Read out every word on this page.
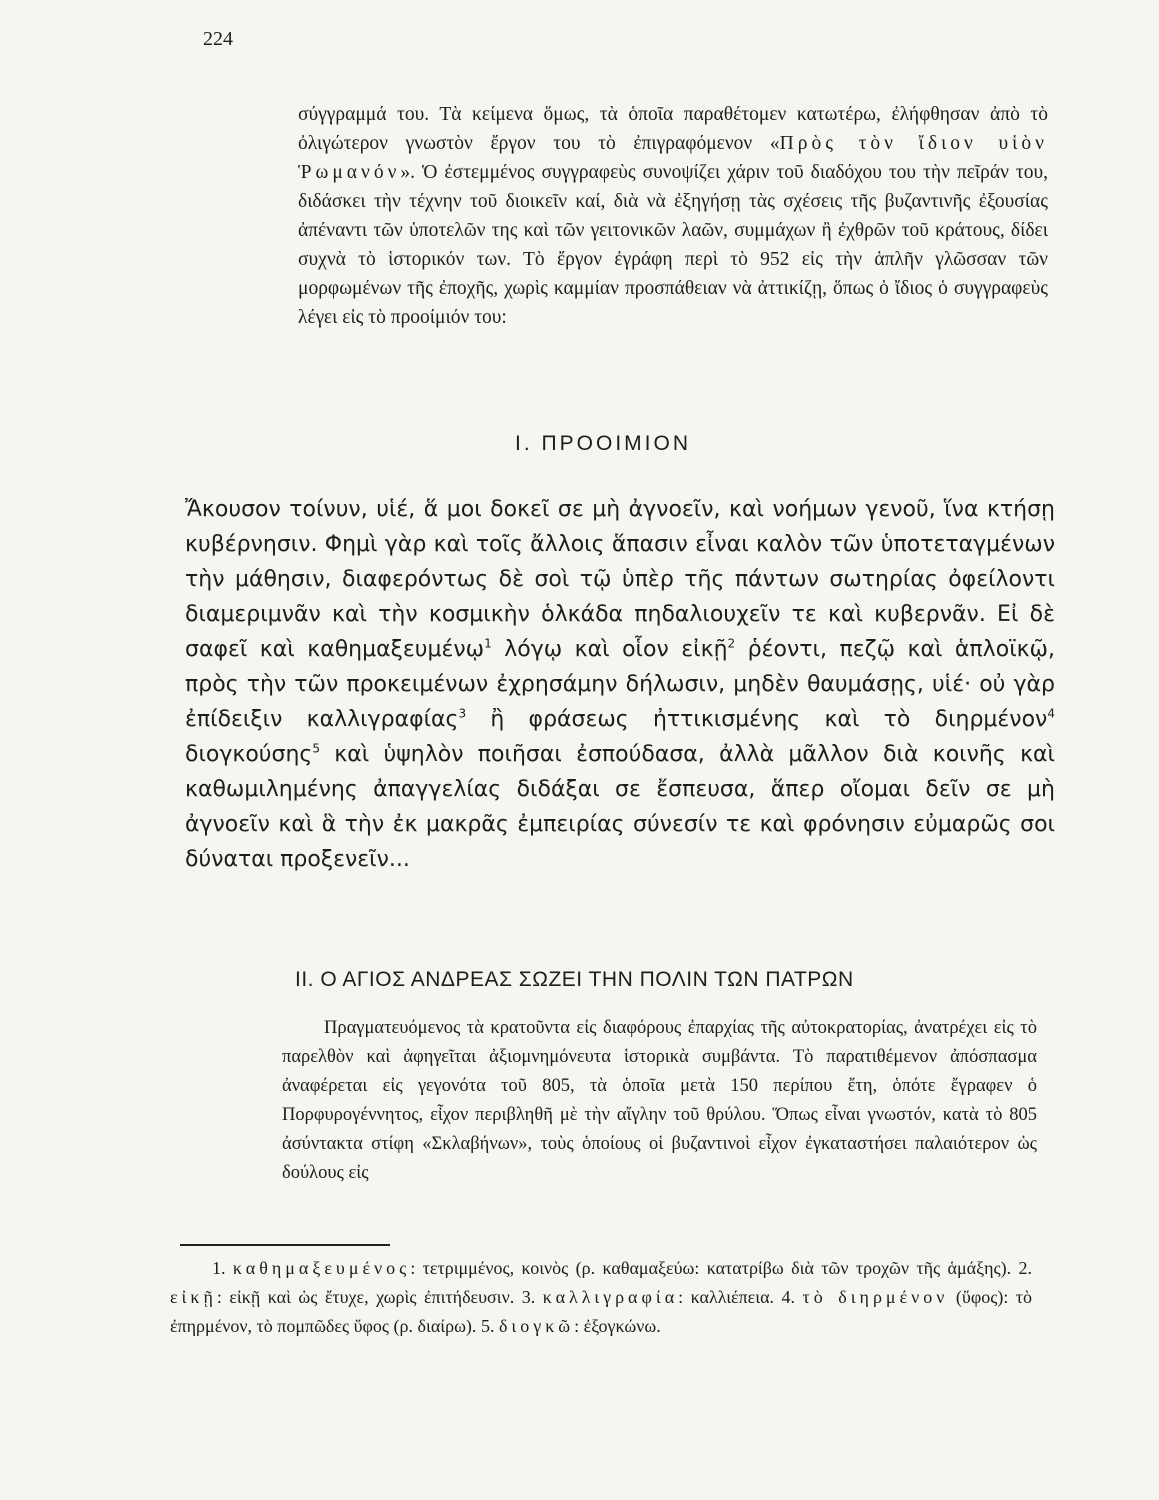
224
σύγγραμμά του. Τὰ κείμενα ὅμως, τὰ ὁποῖα παραθέτομεν κατωτέρω, ἐλήφθησαν ἀπὸ τὸ ὀλιγώτερον γνωστὸν ἔργον του τὸ ἐπιγραφόμενον «Πρὸς τὸν ἴδιον υἱὸν Ῥωμανόν». Ὁ ἐστεμμένος συγγραφεὺς συνοψίζει χάριν τοῦ διαδόχου του τὴν πεῖράν του, διδάσκει τὴν τέχνην τοῦ διοικεῖν καί, διὰ νὰ ἐξηγήσῃ τὰς σχέσεις τῆς βυζαντινῆς ἐξουσίας ἀπέναντι τῶν ὑποτελῶν της καὶ τῶν γειτονικῶν λαῶν, συμμάχων ἢ ἐχθρῶν τοῦ κράτους, δίδει συχνὰ τὸ ἱστορικόν των. Τὸ ἔργον ἐγράφη περὶ τὸ 952 εἰς τὴν ἁπλῆν γλῶσσαν τῶν μορφωμένων τῆς ἐποχῆς, χωρὶς καμμίαν προσπάθειαν νὰ ἀττικίζῃ, ὅπως ὁ ἴδιος ὁ συγγραφεὺς λέγει εἰς τὸ προοίμιόν του:
Ι. ΠΡΟΟΙΜΙΟΝ

Ἄκουσον τοίνυν, υἱέ, ἅ μοι δοκεῖ σε μὴ ἀγνοεῖν, καὶ νοήμων γενοῦ, ἵνα κτήσῃ κυβέρνησιν. Φημὶ γὰρ καὶ τοῖς ἄλλοις ἅπασιν εἶναι καλὸν τῶν ὑποτεταγμένων τὴν μάθησιν, διαφερόντως δὲ σοὶ τῷ ὑπὲρ τῆς πάντων σωτηρίας ὀφείλοντι διαμεριμνᾶν καὶ τὴν κοσμικὴν ὁλκάδα πηδαλιουχεῖν τε καὶ κυβερνᾶν. Εἰ δὲ σαφεῖ καὶ καθημαξευμένῳ$^1$ λόγῳ καὶ οἷον εἰκῇ$^2$ ῥέοντι, πεζῷ καὶ ἁπλοϊκῷ, πρὸς τὴν τῶν προκειμένων ἐχρησάμην δήλωσιν, μηδὲν θαυμάσῃς, υἱέ· οὐ γὰρ ἐπίδειξιν καλλιγραφίας$^3$ ἢ φράσεως ἠττικισμένης καὶ τὸ διηρμένον$^4$ διογκούσης$^5$ καὶ ὑψηλὸν ποιῆσαι ἐσπούδασα, ἀλλὰ μᾶλλον διὰ κοινῆς καὶ καθωμιλημένης ἀπαγγελίας διδάξαι σε ἔσπευσα, ἅπερ οἴομαι δεῖν σε μὴ ἀγνοεῖν καὶ ἃ τὴν ἐκ μακρᾶς ἐμπειρίας σύνεσίν τε καὶ φρόνησιν εὐμαρῶς σοι δύναται προξενεῖν...

ΙΙ. Ο ΑΓΙΟΣ ΑΝΔΡΕΑΣ ΣΩΖΕΙ ΤΗΝ ΠΟΛΙΝ ΤΩΝ ΠΑΤΡΩΝ

Πραγματευόμενος τὰ κρατοῦντα εἰς διαφόρους ἐπαρχίας τῆς αὐτοκρατορίας, ἀνατρέχει εἰς τὸ παρελθὸν καὶ ἀφηγεῖται ἀξιομνημόνευτα ἱστορικὰ συμβάντα. Τὸ παρατιθέμενον ἀπόσπασμα ἀναφέρεται εἰς γεγονότα τοῦ 805, τὰ ὁποῖα μετὰ 150 περίπου ἔτη, ὁπότε ἔγραφεν ὁ Πορφυρογέννητος, εἶχον περιβληθῆ μὲ τὴν αἴγλην τοῦ θρύλου. Ὅπως εἶναι γνωστόν, κατὰ τὸ 805 ἀσύντακτα στίφη «Σκλαβήνων», τοὺς ὁποίους οἱ βυζαντινοὶ εἶχον ἐγκαταστήσει παλαιότερον ὡς δούλους εἰς

1. καθημαξευμένος: τετριμμένος, κοινὸς (ρ. καθαμαξεύω: κατατρίβω διὰ τῶν τροχῶν τῆς ἁμάξης). 2. εἰκῇ: εἰκῇ καὶ ὡς ἔτυχε, χωρὶς ἐπιτήδευσιν. 3. καλλιγραφία: καλλιέπεια. 4. τὸ διηρμένον (ὕφος): τὸ ἐπηρμένον, τὸ πομπῶδες ὕφος (ρ. διαίρω). 5. διογκῶ: ἐξογκώνω.
